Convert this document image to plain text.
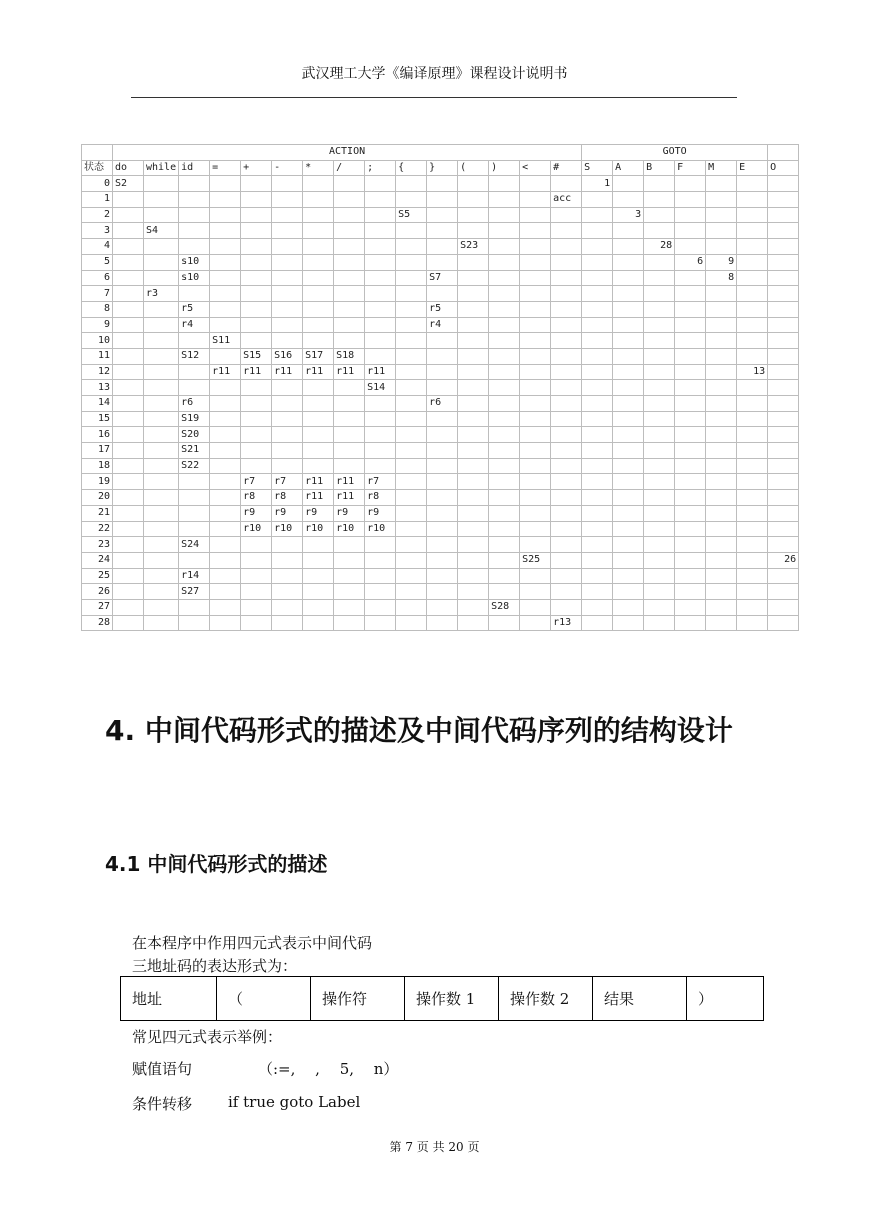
武汉理工大学《编译原理》课程设计说明书
	ACTION															GOTO						
状态	do	while	id	=	+	-	*	/	;	{	}	(	)	<	#	S	A	B	F	M	E	O
0	S2															1						
1															acc							
2										S5							3					
3		S4																				
4												S23						28				
5			s10																6	9		
6			s10								S7									8		
7		r3																				
8			r5								r5											
9			r4								r4											
10				S11																		
11			S12		S15	S16	S17	S18														
12				r11	r11	r11	r11	r11	r11												13	
13									S14													
14			r6								r6											
15			S19																			
16			S20																			
17			S21																			
18			S22																			
19					r7	r7	r11	r11	r7													
20					r8	r8	r11	r11	r8													
21					r9	r9	r9	r9	r9													
22					r10	r10	r10	r10	r10													
23			S24																			
24														S25								26
25			r14																			
26			S27																			
27													S28									
28															r13							
4. 中间代码形式的描述及中间代码序列的结构设计
4.1 中间代码形式的描述
在本程序中作用四元式表示中间代码
三地址码的表达形式为：
地址	（	操作符	操作数 1	操作数 2	结果	）
常见四元式表示举例：
赋值语句	（:=,　 ,　 5,　 n）
条件转移 if true goto Label
第 7 页 共 20 页
